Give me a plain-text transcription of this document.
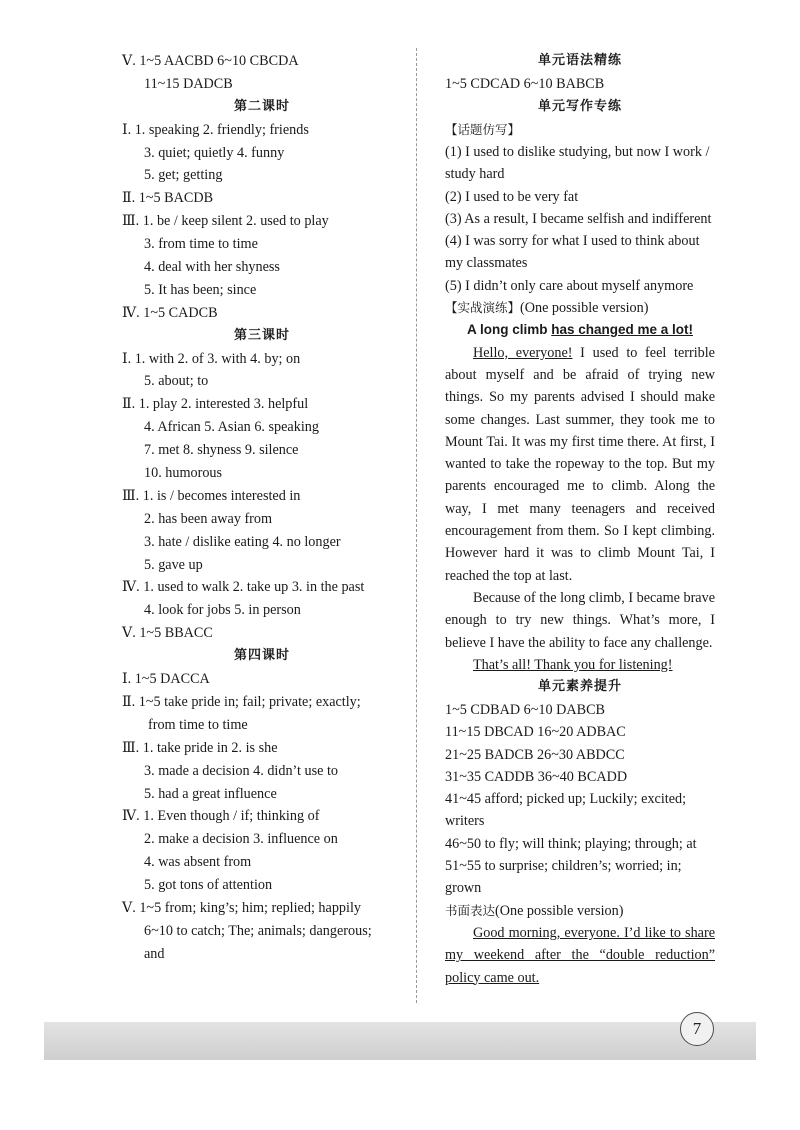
Ⅴ. 1~5 AACBD 6~10 CBCDA
11~15 DADCB
第二课时
Ⅰ. 1. speaking 2. friendly; friends
3. quiet; quietly 4. funny
5. get; getting
Ⅱ. 1~5 BACDB
Ⅲ. 1. be / keep silent 2. used to play
3. from time to time
4. deal with her shyness
5. It has been; since
Ⅳ. 1~5 CADCB
第三课时
Ⅰ. 1. with 2. of 3. with 4. by; on
5. about; to
Ⅱ. 1. play 2. interested 3. helpful
4. African 5. Asian 6. speaking
7. met 8. shyness 9. silence
10. humorous
Ⅲ. 1. is / becomes interested in
2. has been away from
3. hate / dislike eating 4. no longer
5. gave up
Ⅳ. 1. used to walk 2. take up 3. in the past
4. look for jobs 5. in person
Ⅴ. 1~5 BBACC
第四课时
Ⅰ. 1~5 DACCA
Ⅱ. 1~5 take pride in; fail; private; exactly;
from time to time
Ⅲ. 1. take pride in 2. is she
3. made a decision 4. didn’t use to
5. had a great influence
Ⅳ. 1. Even though / if; thinking of
2. make a decision 3. influence on
4. was absent from
5. got tons of attention
Ⅴ. 1~5 from; king’s; him; replied; happily
6~10 to catch; The; animals; dangerous;
and
单元语法精练
1~5 CDCAD 6~10 BABCB
单元写作专练
【话题仿写】
(1) I used to dislike studying, but now I work /
study hard
(2) I used to be very fat
(3) As a result, I became selfish and indifferent
(4) I was sorry for what I used to think about
my classmates
(5) I didn’t only care about myself anymore
【实战演练】(One possible version)
A long climb has changed me a lot!
Hello, everyone! I used to feel terrible about myself and be afraid of trying new things. So my parents advised I should make some changes. Last summer, they took me to Mount Tai. It was my first time there. At first, I wanted to take the ropeway to the top. But my parents encouraged me to climb. Along the way, I met many teenagers and received encouragement from them. So I kept climbing. However hard it was to climb Mount Tai, I reached the top at last.
Because of the long climb, I became brave enough to try new things. What’s more, I believe I have the ability to face any challenge.
That’s all! Thank you for listening!
单元素养提升
1~5 CDBAD 6~10 DABCB
11~15 DBCAD 16~20 ADBAC
21~25 BADCB 26~30 ABDCC
31~35 CADDB 36~40 BCADD
41~45 afford; picked up; Luckily; excited;
writers
46~50 to fly; will think; playing; through; at
51~55 to surprise; children’s; worried; in;
grown
书面表达(One possible version)
Good morning, everyone. I’d like to share my weekend after the “double reduction” policy came out.
7
